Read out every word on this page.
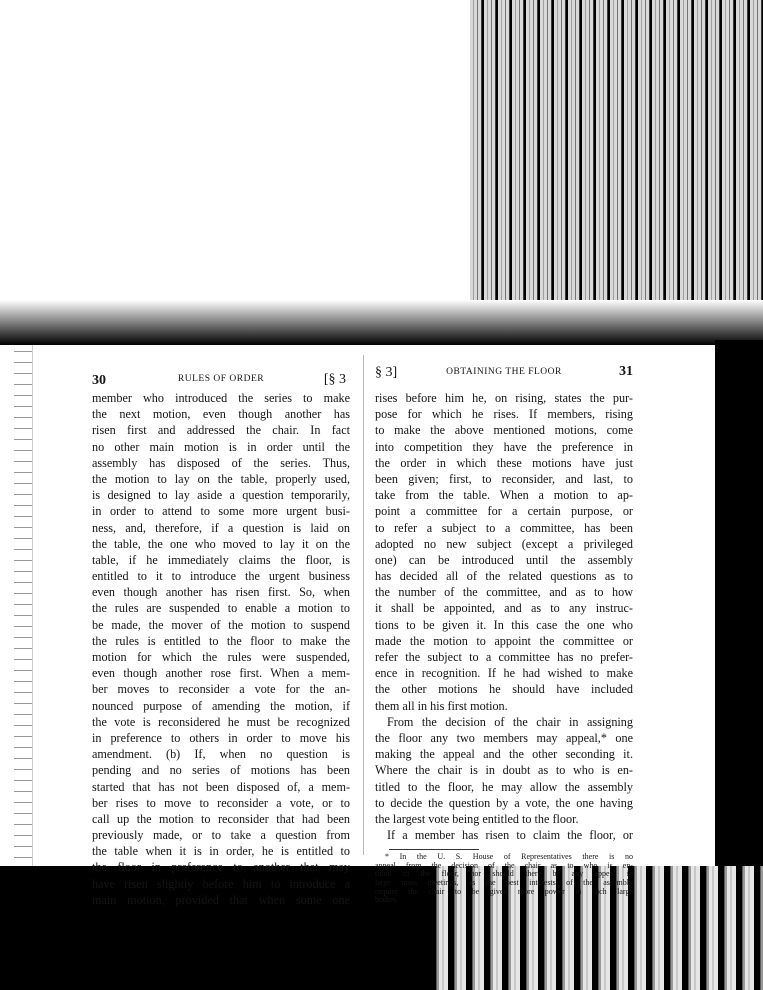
30	RULES OF ORDER	[§ 3
member who introduced the series to make
the next motion, even though another has
risen first and addressed the chair. In fact
no other main motion is in order until the
assembly has disposed of the series. Thus,
the motion to lay on the table, properly used,
is designed to lay aside a question temporarily,
in order to attend to some more urgent busi-
ness, and, therefore, if a question is laid on
the table, the one who moved to lay it on the
table, if he immediately claims the floor, is
entitled to it to introduce the urgent business
even though another has risen first. So, when
the rules are suspended to enable a motion to
be made, the mover of the motion to suspend
the rules is entitled to the floor to make the
motion for which the rules were suspended,
even though another rose first. When a mem-
ber moves to reconsider a vote for the an-
nounced purpose of amending the motion, if
the vote is reconsidered he must be recognized
in preference to others in order to move his
amendment. (b) If, when no question is
pending and no series of motions has been
started that has not been disposed of, a mem-
ber rises to move to reconsider a vote, or to
call up the motion to reconsider that had been
previously made, or to take a question from
the table when it is in order, he is entitled to
the floor in preference to another that may
have risen slightly before him to introduce a
main motion, provided that when some one
§ 3]	OBTAINING THE FLOOR	31
rises before him he, on rising, states the pur-
pose for which he rises. If members, rising
to make the above mentioned motions, come
into competition they have the preference in
the order in which these motions have just
been given; first, to reconsider, and last, to
take from the table. When a motion to ap-
point a committee for a certain purpose, or
to refer a subject to a committee, has been
adopted no new subject (except a privileged
one) can be introduced until the assembly
has decided all of the related questions as to
the number of the committee, and as to how
it shall be appointed, and as to any instruc-
tions to be given it. In this case the one who
made the motion to appoint the committee or
refer the subject to a committee has no prefer-
ence in recognition. If he had wished to make
the other motions he should have included
them all in his first motion.
From the decision of the chair in assigning
the floor any two members may appeal,* one
making the appeal and the other seconding it.
Where the chair is in doubt as to who is en-
titled to the floor, he may allow the assembly
to decide the question by a vote, the one having
the largest vote being entitled to the floor.
If a member has risen to claim the floor, or
* In the U. S. House of Representatives there is no
appeal from the decision of the chair as to who is en-
titled to the floor, nor should there be any appeal in
large mass meetings, as the best interests of the assembly
require the chair to be given more power in such large
bodies.
